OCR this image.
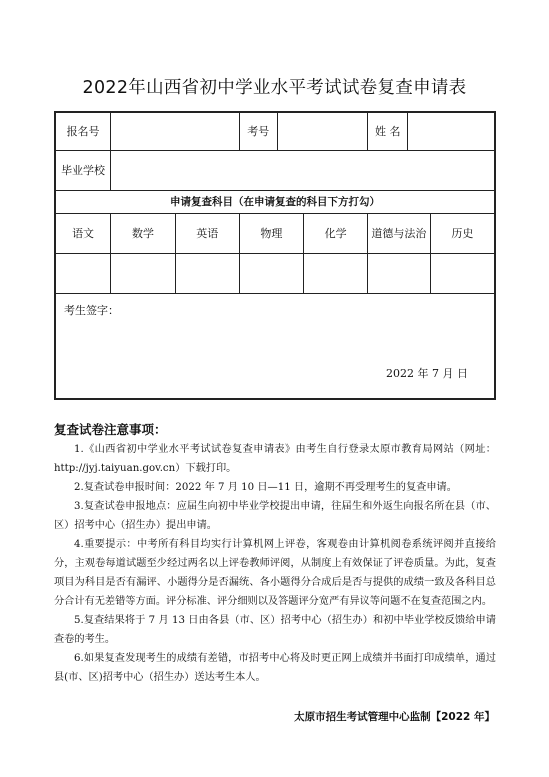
2022年山西省初中学业水平考试试卷复查申请表
报名号			考号			姓 名		
毕业学校								
申请复查科目（在申请复查的科目下方打勾）								
语文	数学	英语	物理		化学	道德与法治		历史

考生签字：
2022 年 7 月 日								
复查试卷注意事项：

1.《山西省初中学业水平考试试卷复查申请表》由考生自行登录太原市教育局网站（网址：http://jyj.taiyuan.gov.cn）下载打印。

2.复查试卷申报时间：2022 年 7 月 10 日—11 日，逾期不再受理考生的复查申请。

3.复查试卷申报地点：应届生向初中毕业学校提出申请，往届生和外返生向报名所在县（市、区）招考中心（招生办）提出申请。

4.重要提示：中考所有科目均实行计算机网上评卷，客观卷由计算机阅卷系统评阅并直接给分，主观卷每道试题至少经过两名以上评卷教师评阅，从制度上有效保证了评卷质量。为此，复查项目为科目是否有漏评、小题得分是否漏统、各小题得分合成后是否与提供的成绩一致及各科目总分合计有无差错等方面。评分标准、评分细则以及答题评分宽严有异议等问题不在复查范围之内。

5.复查结果将于 7 月 13 日由各县（市、区）招考中心（招生办）和初中毕业学校反馈给申请查卷的考生。

6.如果复查发现考生的成绩有差错，市招考中心将及时更正网上成绩并书面打印成绩单，通过县(市、区)招考中心（招生办）送达考生本人。

太原市招生考试管理中心监制【2022 年】
